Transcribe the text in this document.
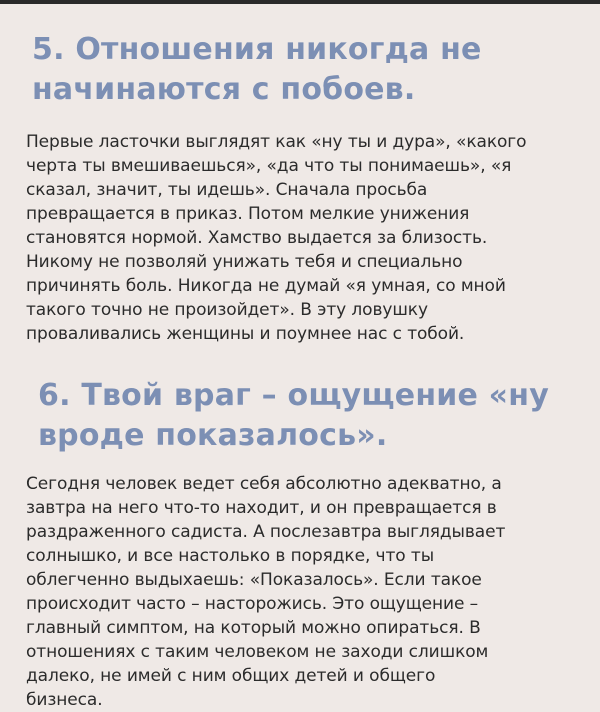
5. Отношения никогда не
начинаются с побоев.

Первые ласточки выглядят как «ну ты и дура», «какого
черта ты вмешиваешься», «да что ты понимаешь», «я
сказал, значит, ты идешь». Сначала просьба
превращается в приказ. Потом мелкие унижения
становятся нормой. Хамство выдается за близость.
Никому не позволяй унижать тебя и специально
причинять боль. Никогда не думай «я умная, со мной
такого точно не произойдет». В эту ловушку
проваливались женщины и поумнее нас с тобой.

6. Твой враг – ощущение «ну
вроде показалось».

Сегодня человек ведет себя абсолютно адекватно, а
завтра на него что-то находит, и он превращается в
раздраженного садиста. А послезавтра выглядывает
солнышко, и все настолько в порядке, что ты
облегченно выдыхаешь: «Показалось». Если такое
происходит часто – насторожись. Это ощущение –
главный симптом, на который можно опираться. В
отношениях с таким человеком не заходи слишком
далеко, не имей с ним общих детей и общего
бизнеса.
